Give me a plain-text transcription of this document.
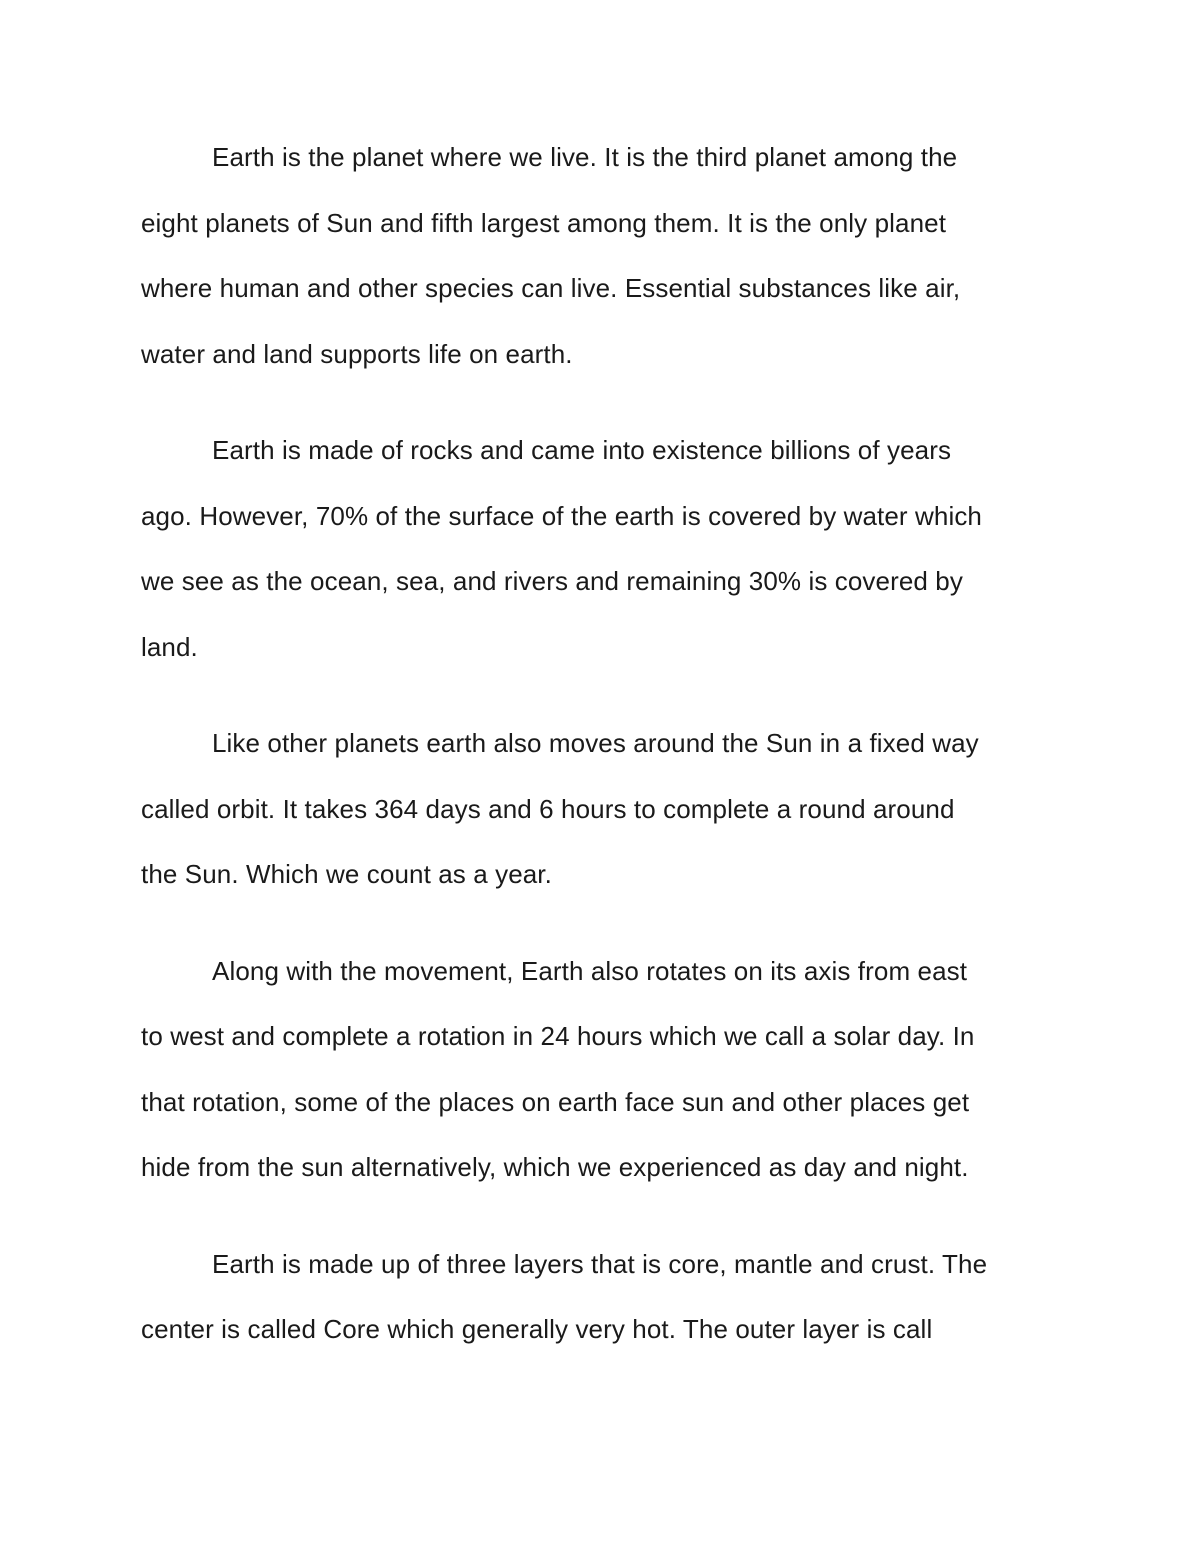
Earth is the planet where we live. It is the third planet among the
eight planets of Sun and fifth largest among them. It is the only planet
where human and other species can live. Essential substances like air,
water and land supports life on earth.

Earth is made of rocks and came into existence billions of years
ago. However, 70% of the surface of the earth is covered by water which
we see as the ocean, sea, and rivers and remaining 30% is covered by
land.

Like other planets earth also moves around the Sun in a fixed way
called orbit. It takes 364 days and 6 hours to complete a round around
the Sun. Which we count as a year.

Along with the movement, Earth also rotates on its axis from east
to west and complete a rotation in 24 hours which we call a solar day. In
that rotation, some of the places on earth face sun and other places get
hide from the sun alternatively, which we experienced as day and night.

Earth is made up of three layers that is core, mantle and crust. The
center is called Core which generally very hot. The outer layer is call
